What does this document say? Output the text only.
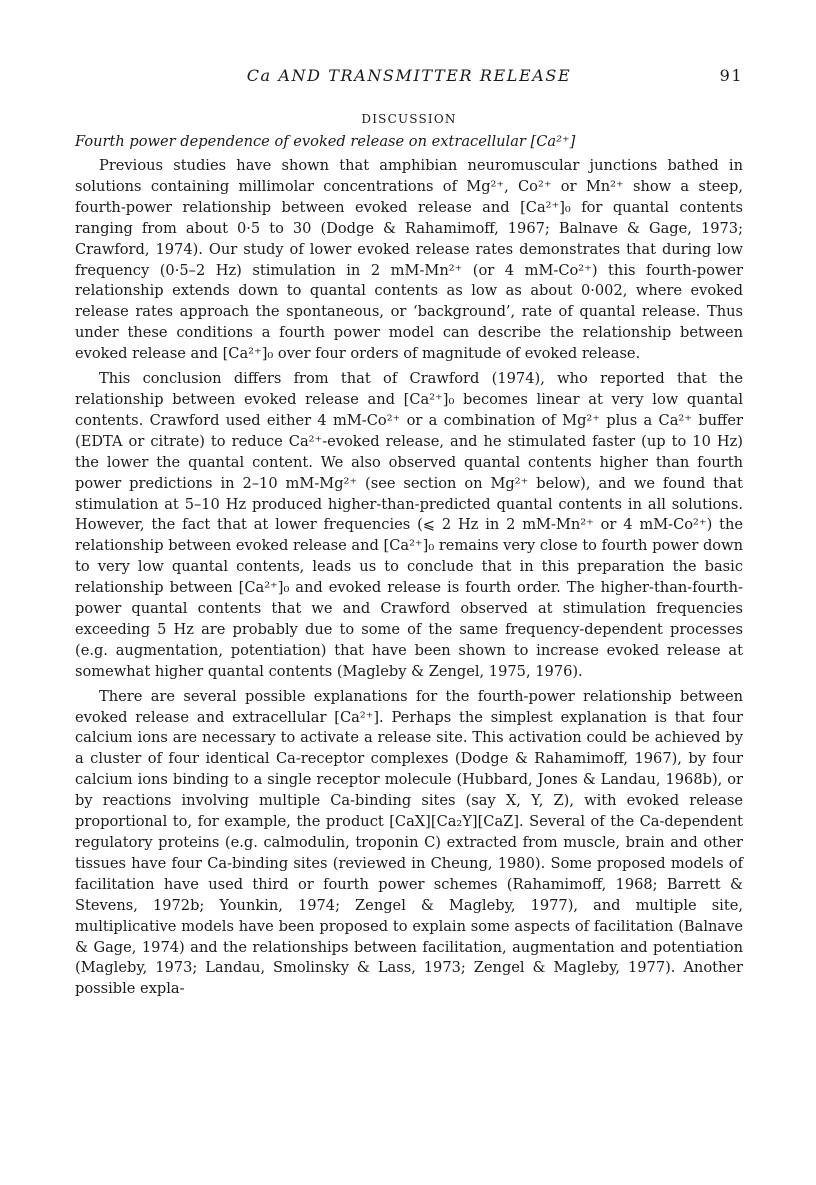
Ca AND TRANSMITTER RELEASE	91
DISCUSSION
Fourth power dependence of evoked release on extracellular [Ca²⁺]

Previous studies have shown that amphibian neuromuscular junctions bathed in solutions containing millimolar concentrations of Mg²⁺, Co²⁺ or Mn²⁺ show a steep, fourth-power relationship between evoked release and [Ca²⁺]₀ for quantal contents ranging from about 0·5 to 30 (Dodge & Rahamimoff, 1967; Balnave & Gage, 1973; Crawford, 1974). Our study of lower evoked release rates demonstrates that during low frequency (0·5–2 Hz) stimulation in 2 mM-Mn²⁺ (or 4 mM-Co²⁺) this fourth-power relationship extends down to quantal contents as low as about 0·002, where evoked release rates approach the spontaneous, or ‘background’, rate of quantal release. Thus under these conditions a fourth power model can describe the relationship between evoked release and [Ca²⁺]₀ over four orders of magnitude of evoked release.

This conclusion differs from that of Crawford (1974), who reported that the relationship between evoked release and [Ca²⁺]₀ becomes linear at very low quantal contents. Crawford used either 4 mM-Co²⁺ or a combination of Mg²⁺ plus a Ca²⁺ buffer (EDTA or citrate) to reduce Ca²⁺-evoked release, and he stimulated faster (up to 10 Hz) the lower the quantal content. We also observed quantal contents higher than fourth power predictions in 2–10 mM-Mg²⁺ (see section on Mg²⁺ below), and we found that stimulation at 5–10 Hz produced higher-than-predicted quantal contents in all solutions. However, the fact that at lower frequencies (⩽ 2 Hz in 2 mM-Mn²⁺ or 4 mM-Co²⁺) the relationship between evoked release and [Ca²⁺]₀ remains very close to fourth power down to very low quantal contents, leads us to conclude that in this preparation the basic relationship between [Ca²⁺]₀ and evoked release is fourth order. The higher-than-fourth-power quantal contents that we and Crawford observed at stimulation frequencies exceeding 5 Hz are probably due to some of the same frequency-dependent processes (e.g. augmentation, potentiation) that have been shown to increase evoked release at somewhat higher quantal contents (Magleby & Zengel, 1975, 1976).

There are several possible explanations for the fourth-power relationship between evoked release and extracellular [Ca²⁺]. Perhaps the simplest explanation is that four calcium ions are necessary to activate a release site. This activation could be achieved by a cluster of four identical Ca-receptor complexes (Dodge & Rahamimoff, 1967), by four calcium ions binding to a single receptor molecule (Hubbard, Jones & Landau, 1968b), or by reactions involving multiple Ca-binding sites (say X, Y, Z), with evoked release proportional to, for example, the product [CaX][Ca₂Y][CaZ]. Several of the Ca-dependent regulatory proteins (e.g. calmodulin, troponin C) extracted from muscle, brain and other tissues have four Ca-binding sites (reviewed in Cheung, 1980). Some proposed models of facilitation have used third or fourth power schemes (Rahamimoff, 1968; Barrett & Stevens, 1972b; Younkin, 1974; Zengel & Magleby, 1977), and multiple site, multiplicative models have been proposed to explain some aspects of facilitation (Balnave & Gage, 1974) and the relationships between facilitation, augmentation and potentiation (Magleby, 1973; Landau, Smolinsky & Lass, 1973; Zengel & Magleby, 1977). Another possible expla-
